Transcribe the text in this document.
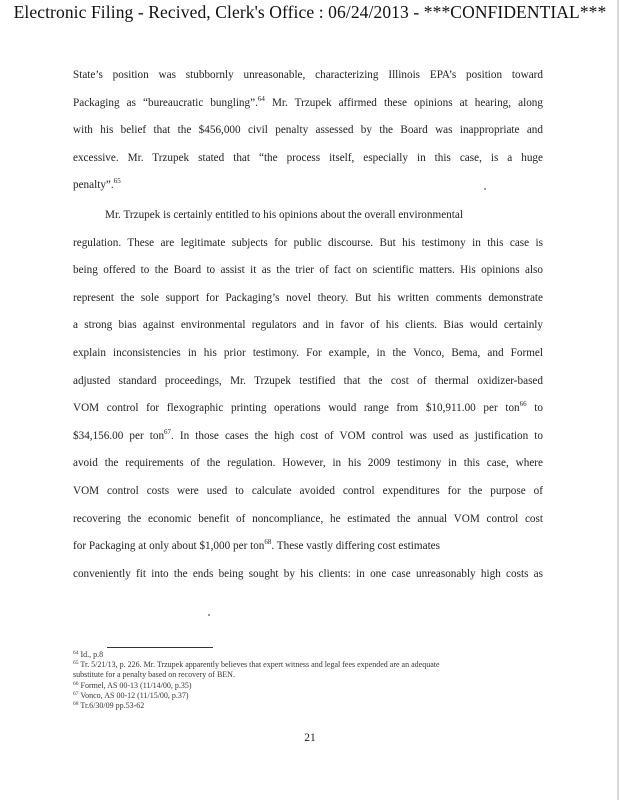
Electronic Filing - Recived, Clerk's Office : 06/24/2013 - ***CONFIDENTIAL***
State’s position was stubbornly unreasonable, characterizing Illinois EPA’s position toward
Packaging as “bureaucratic bungling”.$^{64}$ Mr. Trzupek affirmed these opinions at hearing, along
with his belief that the $456,000 civil penalty assessed by the Board was inappropriate and
excessive. Mr. Trzupek stated that “the process itself, especially in this case, is a huge
penalty”.$^{65}$
Mr. Trzupek is certainly entitled to his opinions about the overall environmental
regulation. These are legitimate subjects for public discourse. But his testimony in this case is
being offered to the Board to assist it as the trier of fact on scientific matters. His opinions also
represent the sole support for Packaging’s novel theory. But his written comments demonstrate
a strong bias against environmental regulators and in favor of his clients. Bias would certainly
explain inconsistencies in his prior testimony. For example, in the Vonco, Bema, and Formel
adjusted standard proceedings, Mr. Trzupek testified that the cost of thermal oxidizer-based
VOM control for flexographic printing operations would range from $10,911.00 per ton$^{66}$ to
$34,156.00 per ton$^{67}$. In those cases the high cost of VOM control was used as justification to
avoid the requirements of the regulation. However, in his 2009 testimony in this case, where
VOM control costs were used to calculate avoided control expenditures for the purpose of
recovering the economic benefit of noncompliance, he estimated the annual VOM control cost
for Packaging at only about $1,000 per ton$^{68}$. These vastly differing cost estimates
conveniently fit into the ends being sought by his clients: in one case unreasonably high costs as
$^{64}$ Id., p.8
$^{65}$ Tr. 5/21/13, p. 226. Mr. Trzupek apparently believes that expert witness and legal fees expended are an adequate
substitute for a penalty based on recovery of BEN.
$^{66}$ Formel, AS 00-13 (11/14/00, p.35)
$^{67}$ Vonco, AS 00-12 (11/15/00, p.37)
$^{68}$ Tr.6/30/09 pp.53-62
21
